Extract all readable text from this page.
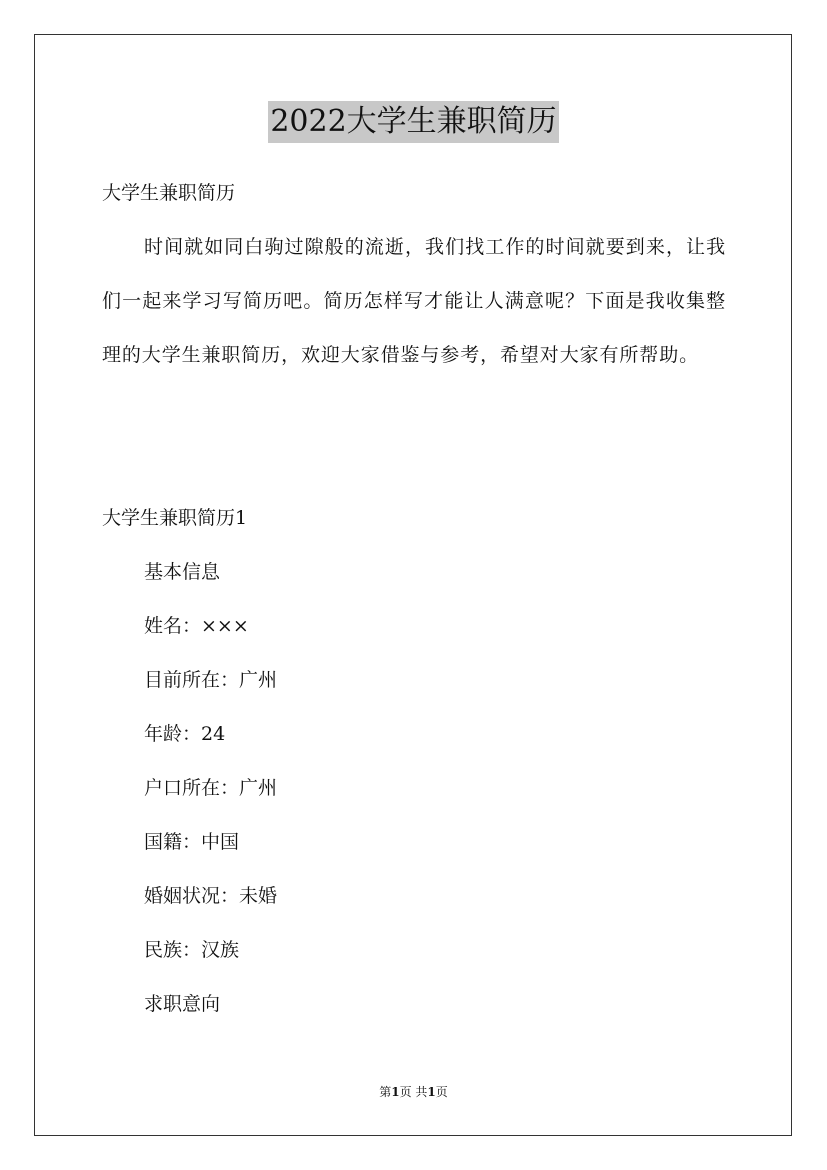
2022大学生兼职简历
大学生兼职简历
时间就如同白驹过隙般的流逝，我们找工作的时间就要到来，让我们一起来学习写简历吧。简历怎样写才能让人满意呢？下面是我收集整理的大学生兼职简历，欢迎大家借鉴与参考，希望对大家有所帮助。
大学生兼职简历1
基本信息
姓名：×××
目前所在：广州
年龄：24
户口所在：广州
国籍：中国
婚姻状况：未婚
民族：汉族
求职意向
第1页 共1页
